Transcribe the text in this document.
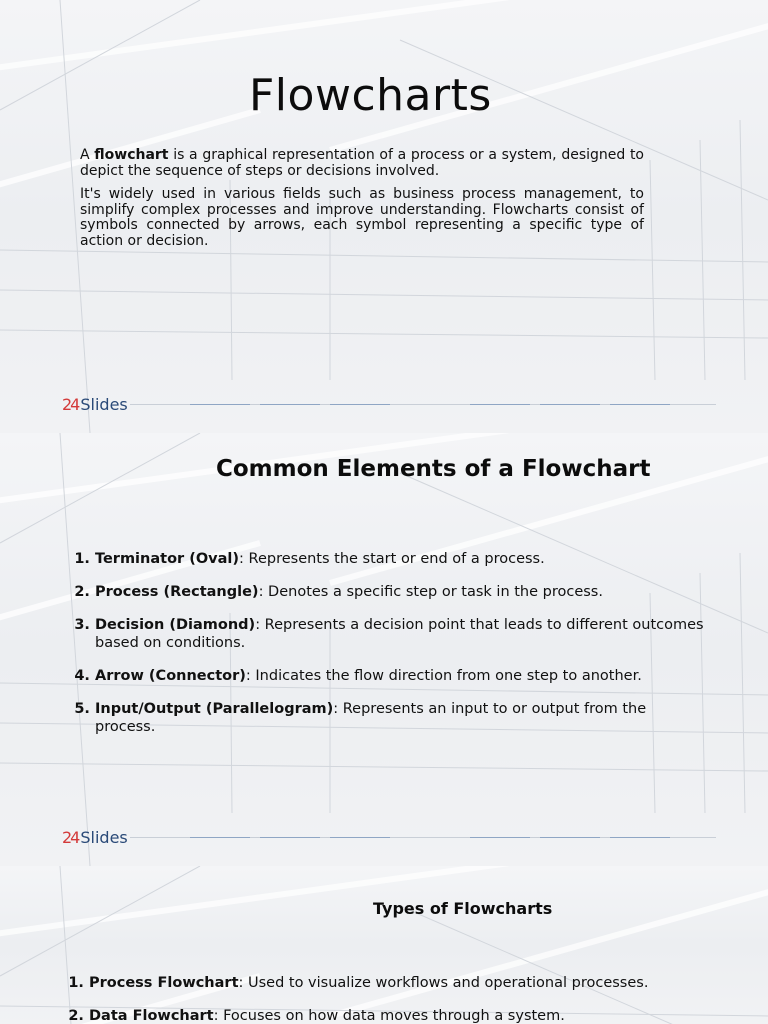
Flowcharts

A flowchart is a graphical representation of a process or a system, designed to depict the sequence of steps or decisions involved.

It's widely used in various fields such as business process management, to simplify complex processes and improve understanding. Flowcharts consist of symbols connected by arrows, each symbol representing a specific type of action or decision.

24 Slides
Common Elements of a Flowchart
1. Terminator (Oval): Represents the start or end of a process.
2. Process (Rectangle): Denotes a specific step or task in the process.
3. Decision (Diamond): Represents a decision point that leads to different outcomes based on conditions.
4. Arrow (Connector): Indicates the flow direction from one step to another.
5. Input/Output (Parallelogram): Represents an input to or output from the process.
24 Slides
Types of Flowcharts
1. Process Flowchart: Used to visualize workflows and operational processes.
2. Data Flowchart: Focuses on how data moves through a system.
